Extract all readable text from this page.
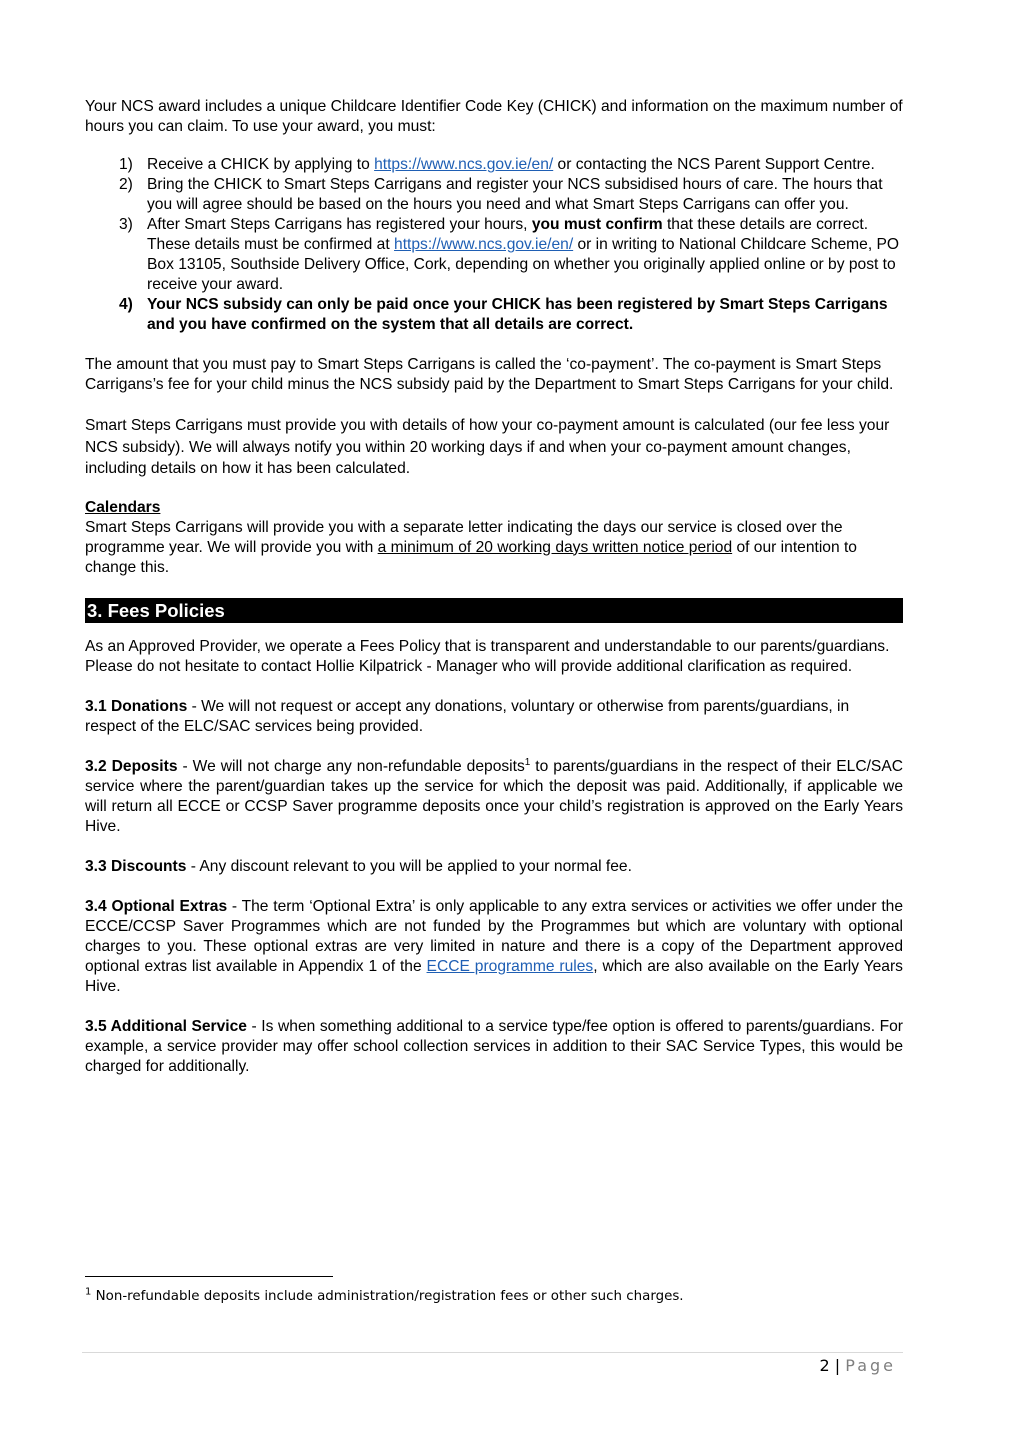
Your NCS award includes a unique Childcare Identifier Code Key (CHICK) and information on the maximum number of hours you can claim. To use your award, you must:

1) Receive a CHICK by applying to https://www.ncs.gov.ie/en/ or contacting the NCS Parent Support Centre.
2) Bring the CHICK to Smart Steps Carrigans and register your NCS subsidised hours of care. The hours that you will agree should be based on the hours you need and what Smart Steps Carrigans can offer you.
3) After Smart Steps Carrigans has registered your hours, you must confirm that these details are correct. These details must be confirmed at https://www.ncs.gov.ie/en/ or in writing to National Childcare Scheme, PO Box 13105, Southside Delivery Office, Cork, depending on whether you originally applied online or by post to receive your award.
4) Your NCS subsidy can only be paid once your CHICK has been registered by Smart Steps Carrigans and you have confirmed on the system that all details are correct.

The amount that you must pay to Smart Steps Carrigans is called the ‘co-payment’. The co-payment is Smart Steps Carrigans’s fee for your child minus the NCS subsidy paid by the Department to Smart Steps Carrigans for your child.

Smart Steps Carrigans must provide you with details of how your co-payment amount is calculated (our fee less your NCS subsidy). We will always notify you within 20 working days if and when your co-payment amount changes, including details on how it has been calculated.

Calendars

Smart Steps Carrigans will provide you with a separate letter indicating the days our service is closed over the programme year. We will provide you with a minimum of 20 working days written notice period of our intention to change this.

3. Fees Policies

As an Approved Provider, we operate a Fees Policy that is transparent and understandable to our parents/guardians. Please do not hesitate to contact Hollie Kilpatrick - Manager who will provide additional clarification as required.

3.1 Donations - We will not request or accept any donations, voluntary or otherwise from parents/guardians, in respect of the ELC/SAC services being provided.

3.2 Deposits - We will not charge any non-refundable deposits$^1$ to parents/guardians in the respect of their ELC/SAC service where the parent/guardian takes up the service for which the deposit was paid. Additionally, if applicable we will return all ECCE or CCSP Saver programme deposits once your child’s registration is approved on the Early Years Hive.

3.3 Discounts - Any discount relevant to you will be applied to your normal fee.

3.4 Optional Extras - The term ‘Optional Extra’ is only applicable to any extra services or activities we offer under the ECCE/CCSP Saver Programmes which are not funded by the Programmes but which are voluntary with optional charges to you. These optional extras are very limited in nature and there is a copy of the Department approved optional extras list available in Appendix 1 of the ECCE programme rules, which are also available on the Early Years Hive.

3.5 Additional Service - Is when something additional to a service type/fee option is offered to parents/guardians. For example, a service provider may offer school collection services in addition to their SAC Service Types, this would be charged for additionally.

$^1$ Non-refundable deposits include administration/registration fees or other such charges.
2 | Page
